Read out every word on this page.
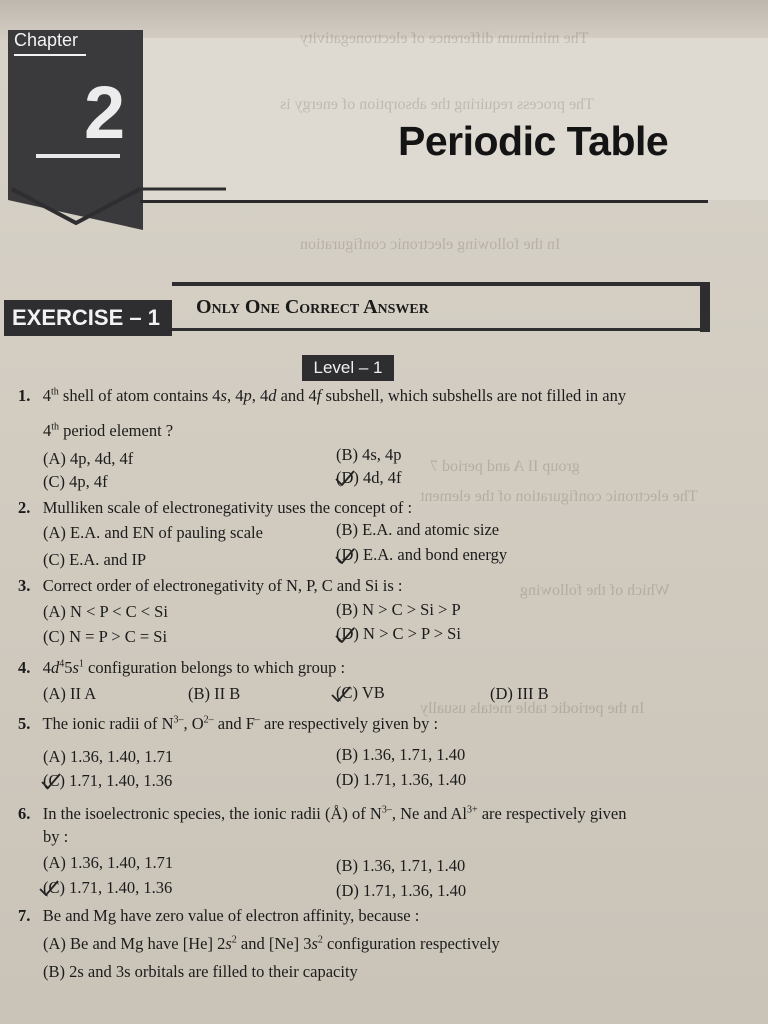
Chapter
2	Periodic Table
The minimum difference of electronegativity
The process requiring the absorption of energy is
In the following electronic configuration
group II A and period 7
The electronic configuration of the element
Which of the following
In the periodic table metals usually
EXERCISE – 1 Only One Correct Answer
Level – 1
1. 4th shell of atom contains 4s, 4p, 4d and 4f subshell, which subshells are not filled in any
4th period element ?
(A) 4p, 4d, 4f	(B) 4s, 4p
(C) 4p, 4f	(D) 4d, 4f
2. Mulliken scale of electronegativity uses the concept of :
(A) E.A. and EN of pauling scale	(B) E.A. and atomic size
(C) E.A. and IP	(D) E.A. and bond energy
3. Correct order of electronegativity of N, P, C and Si is :
(A) N < P < C < Si	(B) N > C > Si > P
(C) N = P > C = Si	(D) N > C > P > Si
4. $4d^45s^1$ configuration belongs to which group :
(A) II A	(B) II B	(C) VB	(D) III B
5. The ionic radii of $N^{3-}$, $O^{2-}$ and F– are respectively given by :
(A) 1.36, 1.40, 1.71	(B) 1.36, 1.71, 1.40
(C) 1.71, 1.40, 1.36	(D) 1.71, 1.36, 1.40
6. In the isoelectronic species, the ionic radii (Å) of $N^{3-}$, Ne and $Al^{3+}$ are respectively given
by :
(A) 1.36, 1.40, 1.71	(B) 1.36, 1.71, 1.40
(C) 1.71, 1.40, 1.36	(D) 1.71, 1.36, 1.40
7. Be and Mg have zero value of electron affinity, because :
(A) Be and Mg have [He] $2s^2$ and [Ne] $3s^2$ configuration respectively
(B) 2s and 3s orbitals are filled to their capacity
